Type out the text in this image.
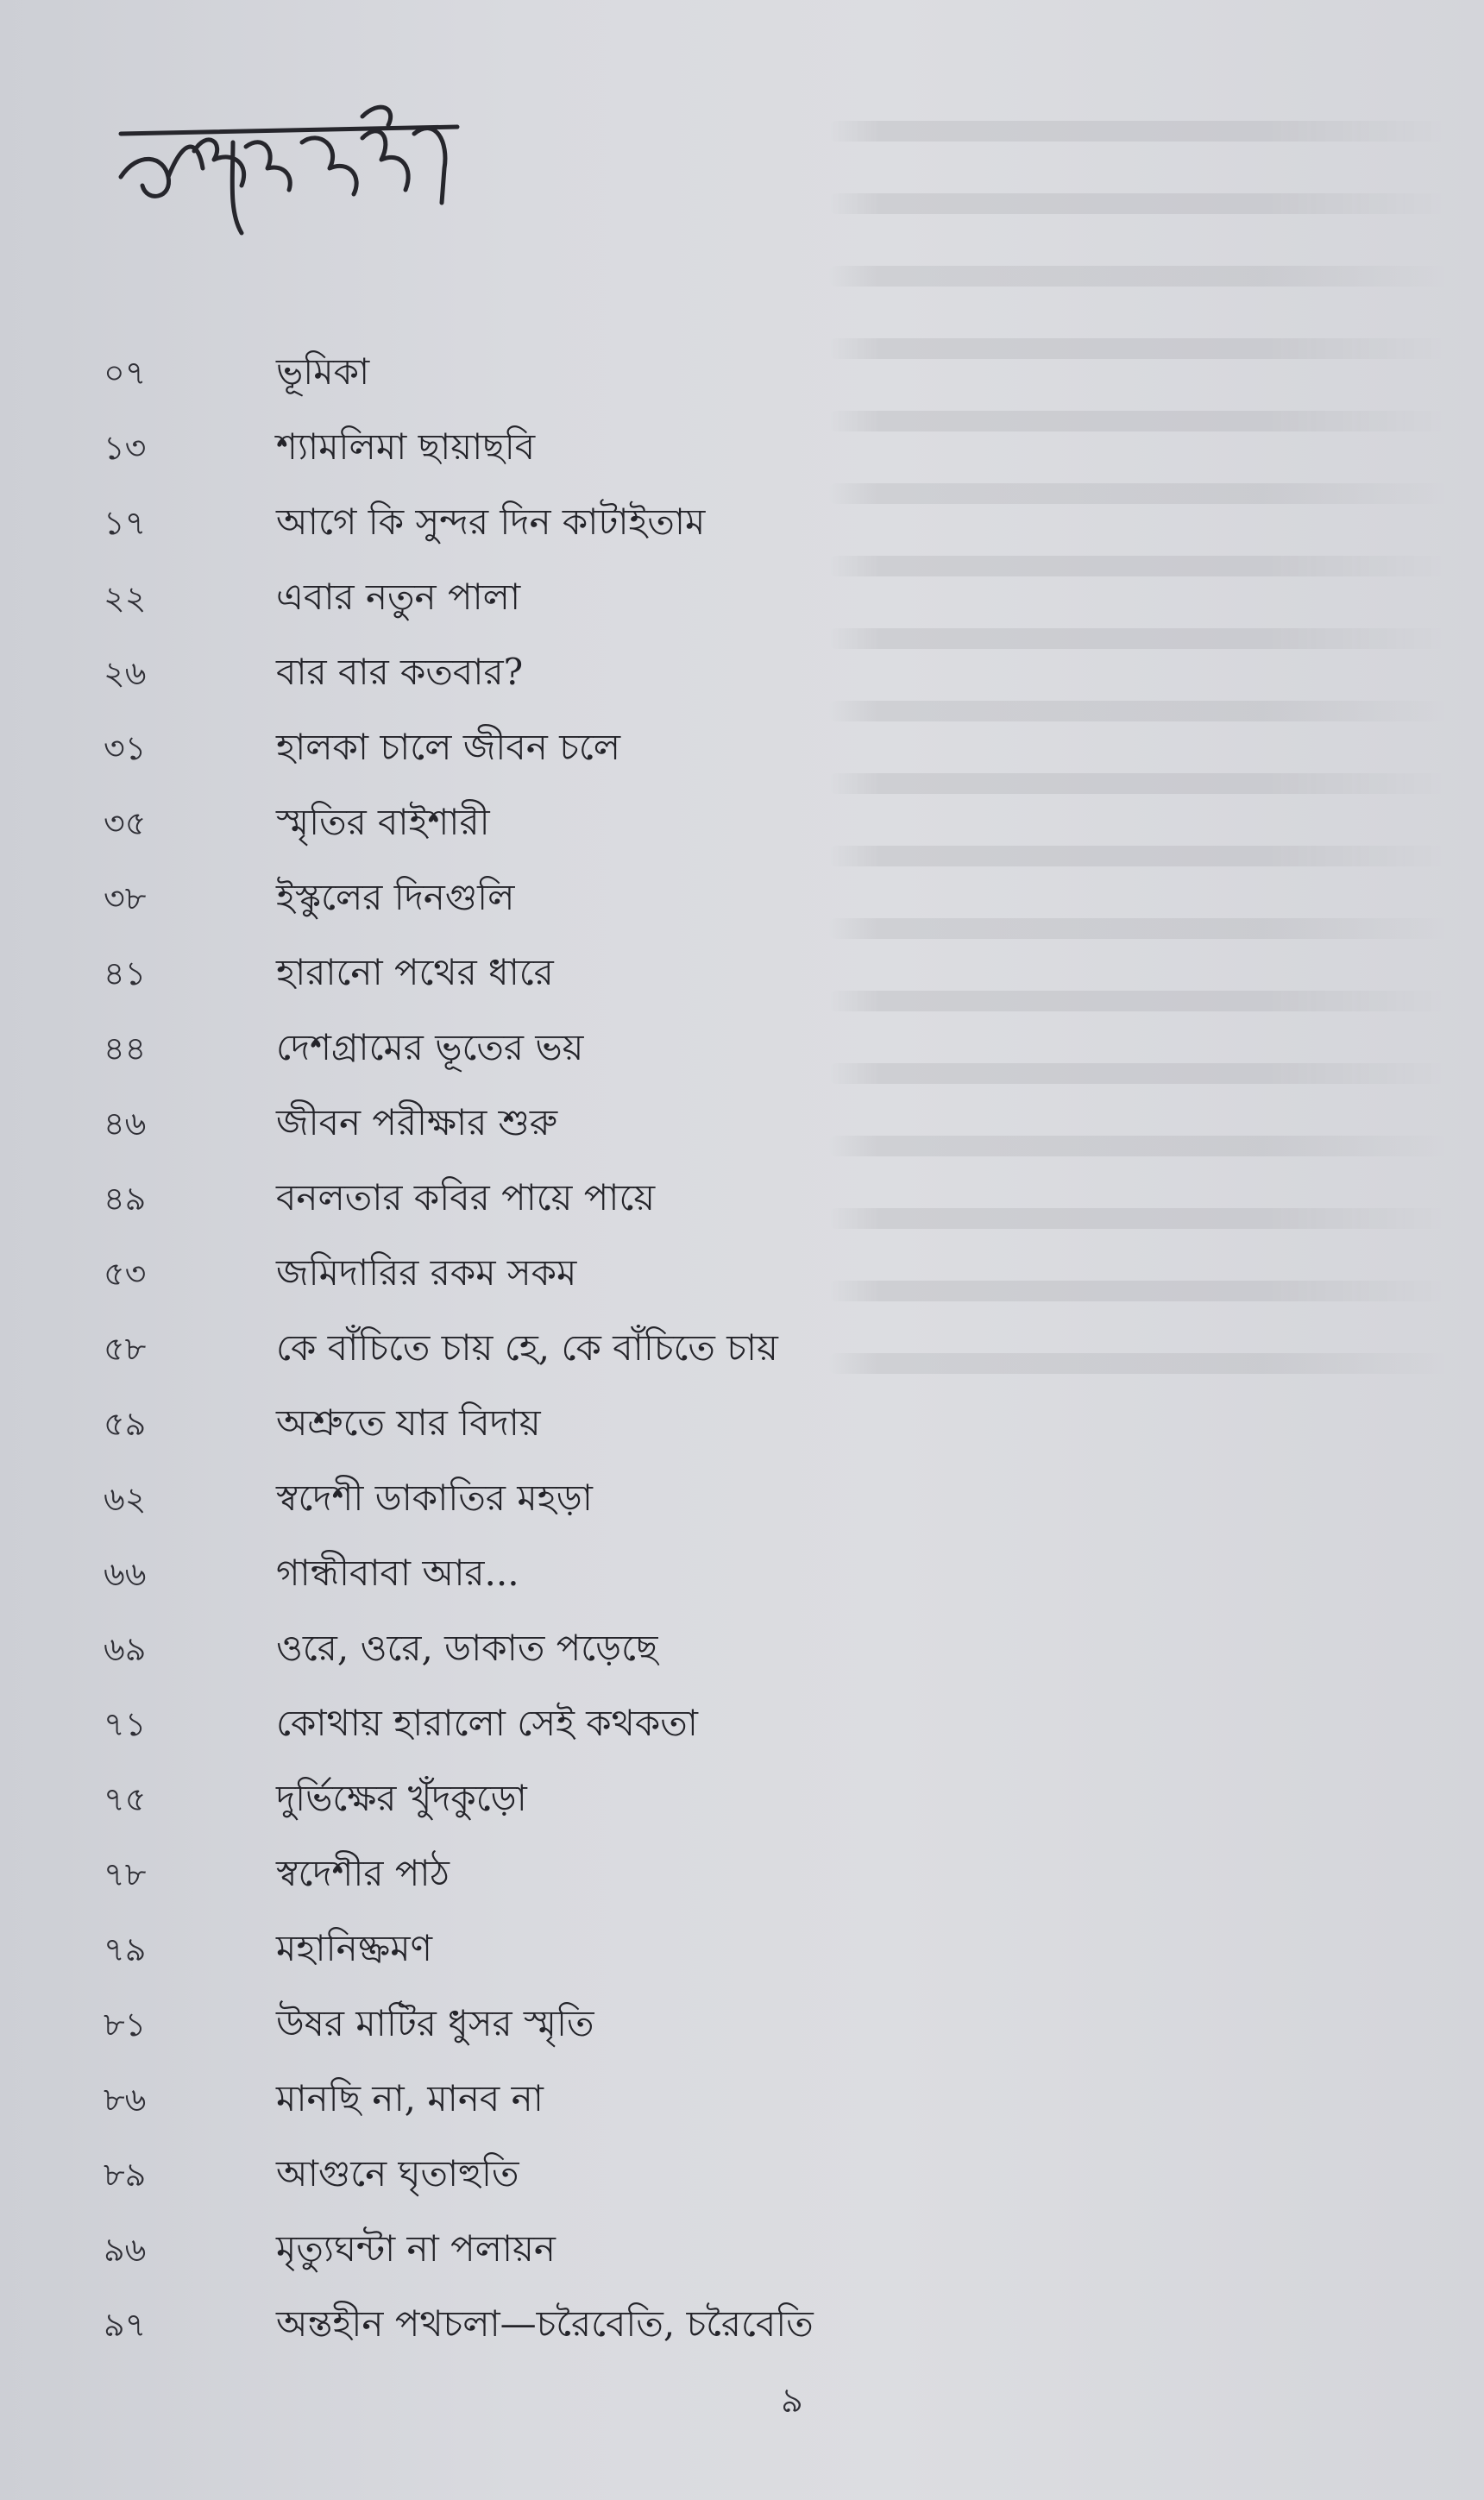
০৭	ভূমিকা
১৩	শ্যামলিমা ছায়াছবি
১৭	আগে কি সুন্দর দিন কাটাইতাম
২২	এবার নতুন পালা
২৬	বার বার কতবার?
৩১	হালকা চালে জীবন চলে
৩৫	স্মৃতির বাইশারী
৩৮	ইস্কুলের দিনগুলি
৪১	হারানো পথের ধারে
৪৪	দেশগ্রামের ভূতের ভয়
৪৬	জীবন পরীক্ষার শুরু
৪৯	বনলতার কবির পায়ে পায়ে
৫৩	জমিদারির রকম সকম
৫৮	কে বাঁচিতে চায় হে, কে বাঁচিতে চায়
৫৯	অশ্রুতে যার বিদায়
৬২	স্বদেশী ডাকাতির মহড়া
৬৬	গান্ধীবাবা আর...
৬৯	ওরে, ওরে, ডাকাত পড়েছে
৭১	কোথায় হারালো সেই কথকতা
৭৫	দুর্ভিক্ষের খুঁদকুড়ো
৭৮	স্বদেশীর পাঠ
৭৯	মহানিষ্ক্রমণ
৮১	উষর মাটির ধুসর স্মৃতি
৮৬	মানছি না, মানব না
৮৯	আগুনে ঘৃতাহুতি
৯৬	মৃত্যুঘন্টা না পলায়ন
৯৭	অন্তহীন পথচলা—চরৈবেতি, চরৈবেতি
৯
